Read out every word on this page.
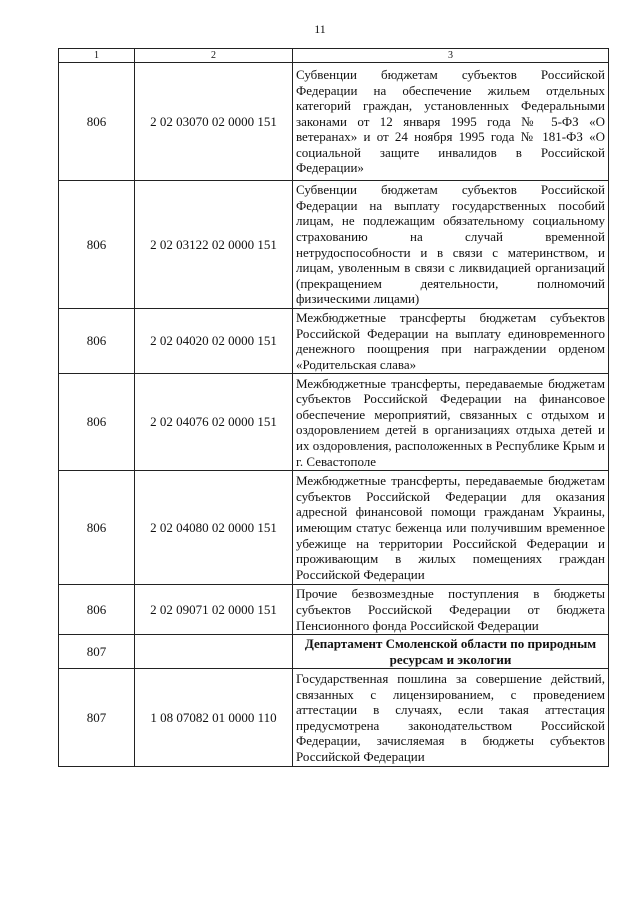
11
1	2	3
806	2 02 03070 02 0000 151	Субвенции бюджетам субъектов Российской Федерации на обеспечение жильем отдельных категорий граждан, установленных Федеральными законами от 12 января 1995 года № 5-ФЗ «О ветеранах» и от 24 ноября 1995 года № 181-ФЗ «О социальной защите инвалидов в Российской Федерации»
806	2 02 03122 02 0000 151	Субвенции бюджетам субъектов Российской Федерации на выплату государственных пособий лицам, не подлежащим обязательному социальному страхованию на случай временной нетрудоспособности и в связи с материнством, и лицам, уволенным в связи с ликвидацией организаций (прекращением деятельности, полномочий физическими лицами)
806	2 02 04020 02 0000 151	Межбюджетные трансферты бюджетам субъектов Российской Федерации на выплату единовременного денежного поощрения при награждении орденом «Родительская слава»
806	2 02 04076 02 0000 151	Межбюджетные трансферты, передаваемые бюджетам субъектов Российской Федерации на финансовое обеспечение мероприятий, связанных с отдыхом и оздоровлением детей в организациях отдыха детей и их оздоровления, расположенных в Республике Крым и г. Севастополе
806	2 02 04080 02 0000 151	Межбюджетные трансферты, передаваемые бюджетам субъектов Российской Федерации для оказания адресной финансовой помощи гражданам Украины, имеющим статус беженца или получившим временное убежище на территории Российской Федерации и проживающим в жилых помещениях граждан Российской Федерации
806	2 02 09071 02 0000 151	Прочие безвозмездные поступления в бюджеты субъектов Российской Федерации от бюджета Пенсионного фонда Российской Федерации
807		Департамент Смоленской области по природным ресурсам и экологии
807	1 08 07082 01 0000 110	Государственная пошлина за совершение действий, связанных с лицензированием, с проведением аттестации в случаях, если такая аттестация предусмотрена законодательством Российской Федерации, зачисляемая в бюджеты субъектов Российской Федерации
